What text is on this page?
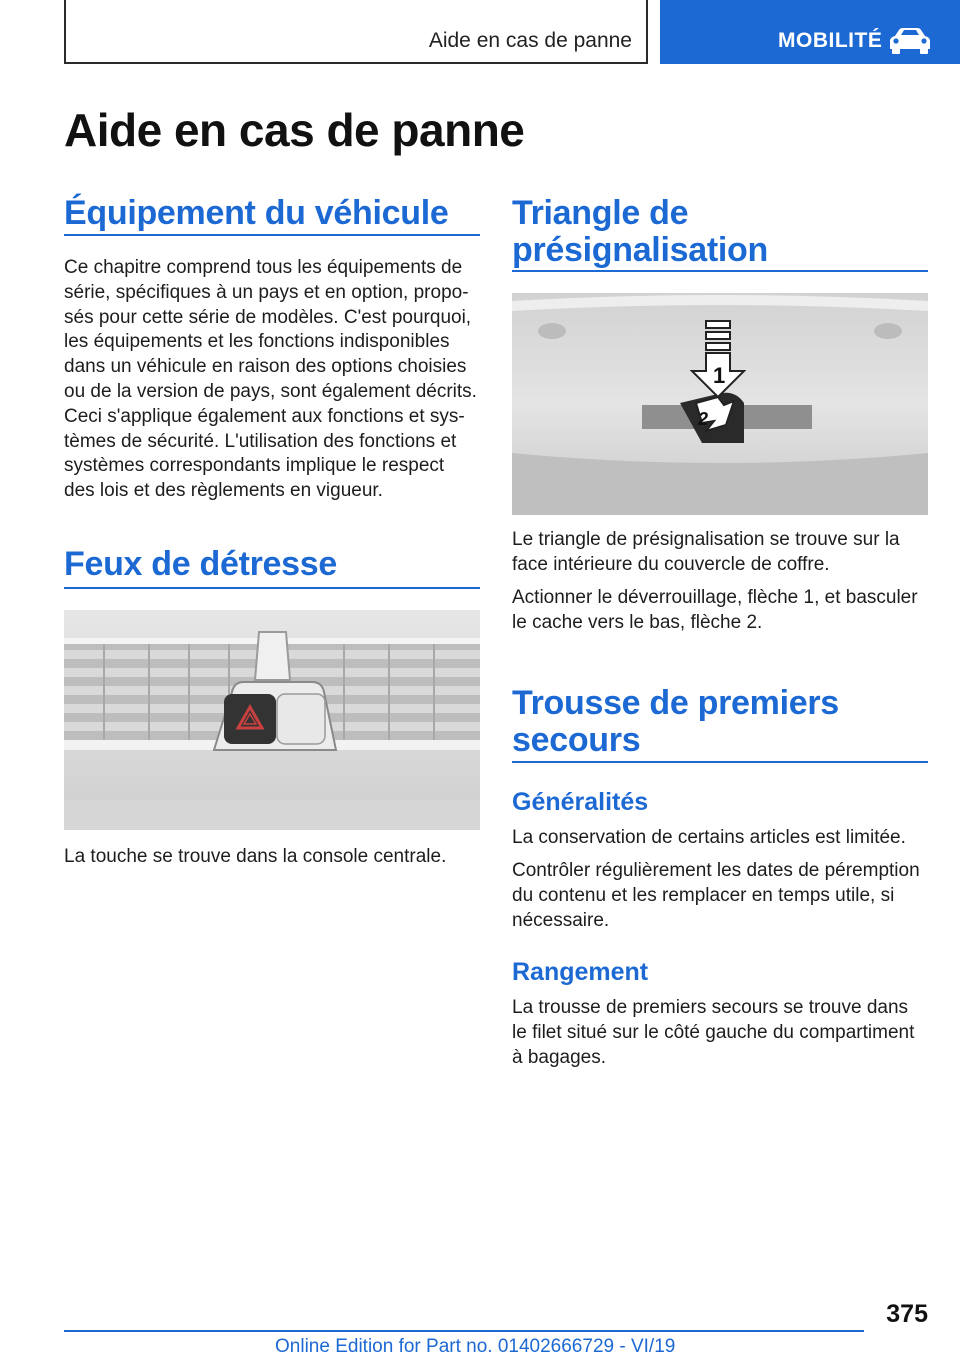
Aide en cas de panne	MOBILITÉ
Aide en cas de panne
Équipement du véhicule

Ce chapitre comprend tous les équipements de
série, spécifiques à un pays et en option, propo‐
sés pour cette série de modèles. C'est pourquoi,
les équipements et les fonctions indisponibles
dans un véhicule en raison des options choisies
ou de la version de pays, sont également décrits.
Ceci s'applique également aux fonctions et sys‐
tèmes de sécurité. L'utilisation des fonctions et
systèmes correspondants implique le respect
des lois et des règlements en vigueur.

Feux de détresse

La touche se trouve dans la console centrale.

Triangle de
présignalisation
1
2

Le triangle de présignalisation se trouve sur la
face intérieure du couvercle de coffre.

Actionner le déverrouillage, flèche 1, et basculer
le cache vers le bas, flèche 2.

Trousse de premiers
secours
Généralités

La conservation de certains articles est limitée.

Contrôler régulièrement les dates de péremption
du contenu et les remplacer en temps utile, si
nécessaire.

Rangement

La trousse de premiers secours se trouve dans
le filet situé sur le côté gauche du compartiment
à bagages.

375
Online Edition for Part no. 01402666729 - VI/19
